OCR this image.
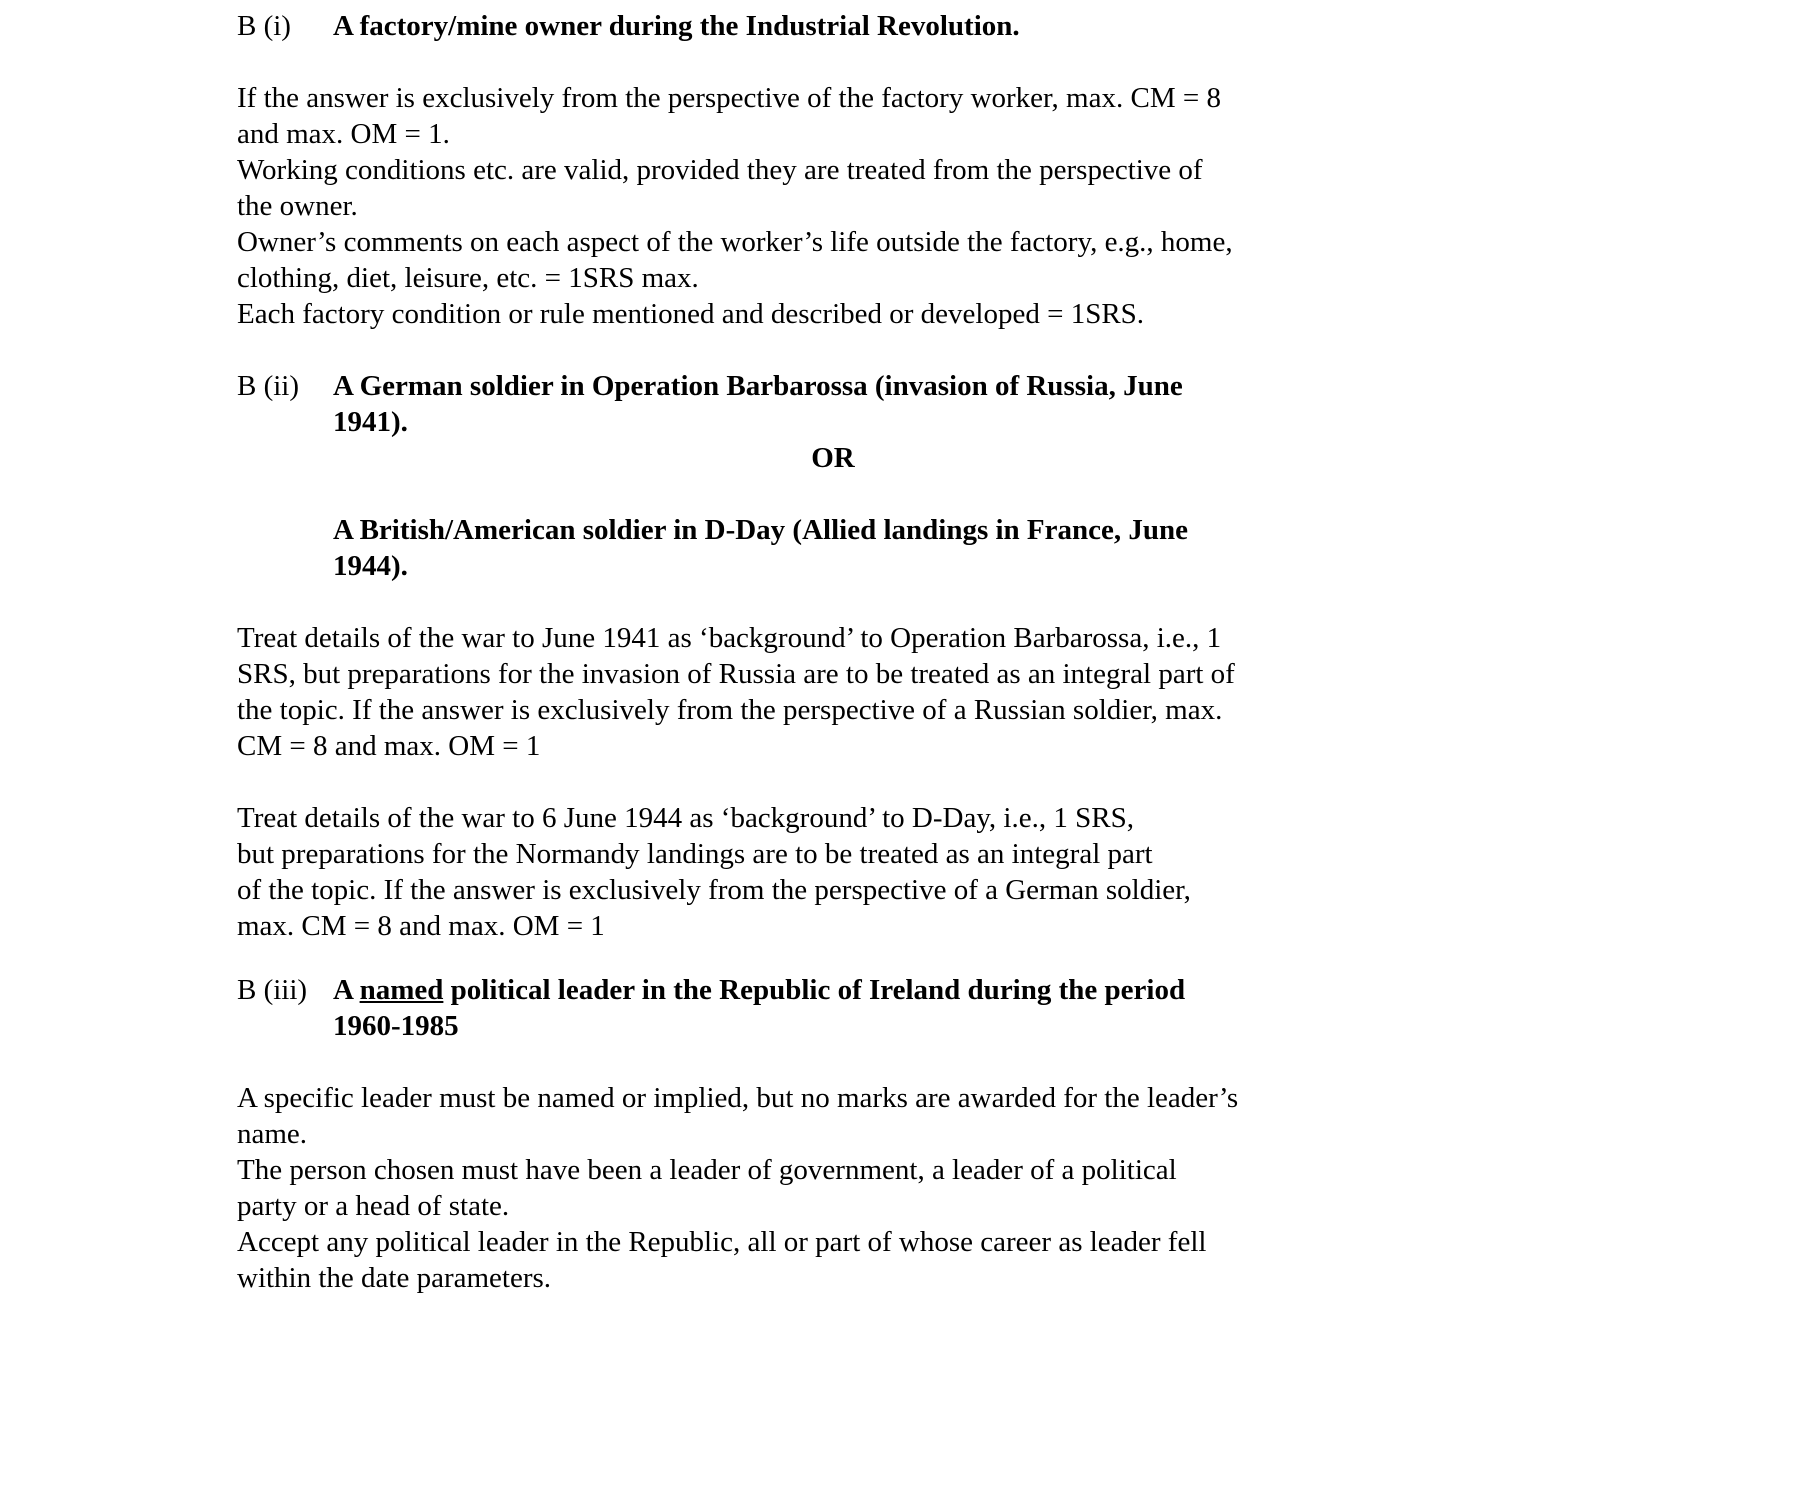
B (i)	A factory/mine owner during the Industrial Revolution.
If the answer is exclusively from the perspective of the factory worker, max. CM = 8
and max. OM = 1.
Working conditions etc. are valid, provided they are treated from the perspective of
the owner.
Owner’s comments on each aspect of the worker’s life outside the factory, e.g., home,
clothing, diet, leisure, etc. = 1SRS max.
Each factory condition or rule mentioned and described or developed = 1SRS.
B (ii)	A German soldier in Operation Barbarossa (invasion of Russia, June
1941).
OR
A British/American soldier in D-Day (Allied landings in France, June
1944).
Treat details of the war to June 1941 as ‘background’ to Operation Barbarossa, i.e., 1
SRS, but preparations for the invasion of Russia are to be treated as an integral part of
the topic. If the answer is exclusively from the perspective of a Russian soldier, max.
CM = 8 and max. OM = 1
Treat details of the war to 6 June 1944 as ‘background’ to D-Day, i.e., 1 SRS,
but preparations for the Normandy landings are to be treated as an integral part
of the topic. If the answer is exclusively from the perspective of a German soldier,
max. CM = 8 and max. OM = 1
B (iii) A named political leader in the Republic of Ireland during the period
1960-1985
A specific leader must be named or implied, but no marks are awarded for the leader’s
name.
The person chosen must have been a leader of government, a leader of a political
party or a head of state.
Accept any political leader in the Republic, all or part of whose career as leader fell
within the date parameters.
